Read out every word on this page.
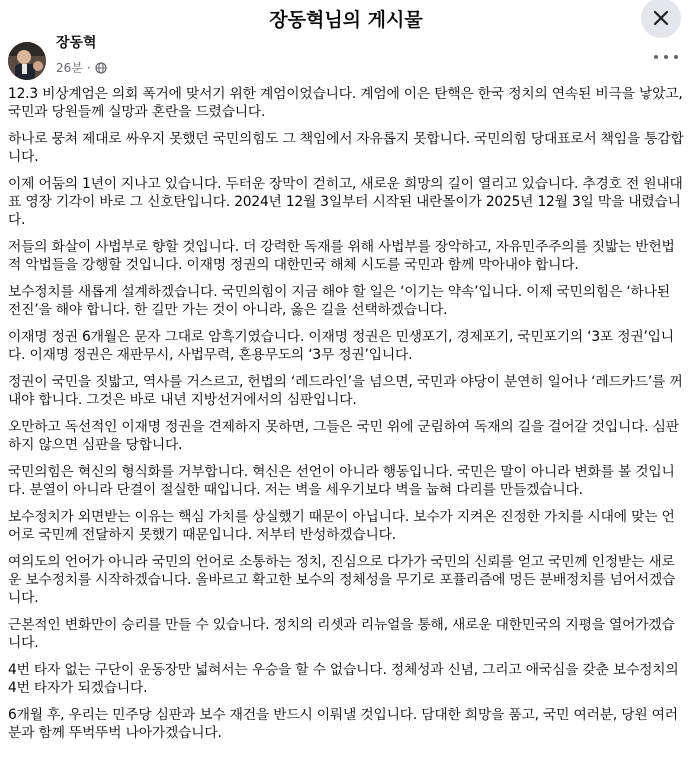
장동혁님의 게시물
장동혁
26분 ·

12.3 비상계엄은 의회 폭거에 맞서기 위한 계엄이었습니다. 계엄에 이은 탄핵은 한국 정치의 연속된 비극을 낳았고, 국민과 당원들께 실망과 혼란을 드렸습니다.

하나로 뭉쳐 제대로 싸우지 못했던 국민의힘도 그 책임에서 자유롭지 못합니다. 국민의힘 당대표로서 책임을 통감합니다.

이제 어둠의 1년이 지나고 있습니다. 두터운 장막이 걷히고, 새로운 희망의 길이 열리고 있습니다. 추경호 전 원내대표 영장 기각이 바로 그 신호탄입니다. 2024년 12월 3일부터 시작된 내란몰이가 2025년 12월 3일 막을 내렸습니다.

저들의 화살이 사법부로 향할 것입니다. 더 강력한 독재를 위해 사법부를 장악하고, 자유민주주의를 짓밟는 반헌법적 악법들을 강행할 것입니다. 이재명 정권의 대한민국 해체 시도를 국민과 함께 막아내야 합니다.

보수정치를 새롭게 설계하겠습니다. 국민의힘이 지금 해야 할 일은 ‘이기는 약속’입니다. 이제 국민의힘은 ‘하나된 전진’을 해야 합니다. 한 길만 가는 것이 아니라, 옳은 길을 선택하겠습니다.

이재명 정권 6개월은 문자 그대로 암흑기였습니다. 이재명 정권은 민생포기, 경제포기, 국민포기의 ‘3포 정권’입니다. 이재명 정권은 재판무시, 사법무력, 혼용무도의 ‘3무 정권’입니다.

정권이 국민을 짓밟고, 역사를 거스르고, 헌법의 ‘레드라인’을 넘으면, 국민과 야당이 분연히 일어나 ‘레드카드’를 꺼내야 합니다. 그것은 바로 내년 지방선거에서의 심판입니다.

오만하고 독선적인 이재명 정권을 견제하지 못하면, 그들은 국민 위에 군림하여 독재의 길을 걸어갈 것입니다. 심판하지 않으면 심판을 당합니다.

국민의힘은 혁신의 형식화를 거부합니다. 혁신은 선언이 아니라 행동입니다. 국민은 말이 아니라 변화를 볼 것입니다. 분열이 아니라 단결이 절실한 때입니다. 저는 벽을 세우기보다 벽을 눕혀 다리를 만들겠습니다.

보수정치가 외면받는 이유는 핵심 가치를 상실했기 때문이 아닙니다. 보수가 지켜온 진정한 가치를 시대에 맞는 언어로 국민께 전달하지 못했기 때문입니다. 저부터 반성하겠습니다.

여의도의 언어가 아니라 국민의 언어로 소통하는 정치, 진심으로 다가가 국민의 신뢰를 얻고 국민께 인정받는 새로운 보수정치를 시작하겠습니다. 올바르고 확고한 보수의 정체성을 무기로 포퓰리즘에 멍든 분배정치를 넘어서겠습니다.

근본적인 변화만이 승리를 만들 수 있습니다. 정치의 리셋과 리뉴얼을 통해, 새로운 대한민국의 지평을 열어가겠습니다.

4번 타자 없는 구단이 운동장만 넓혀서는 우승을 할 수 없습니다. 정체성과 신념, 그리고 애국심을 갖춘 보수정치의 4번 타자가 되겠습니다.

6개월 후, 우리는 민주당 심판과 보수 재건을 반드시 이뤄낼 것입니다. 담대한 희망을 품고, 국민 여러분, 당원 여러분과 함께 뚜벅뚜벅 나아가겠습니다.
